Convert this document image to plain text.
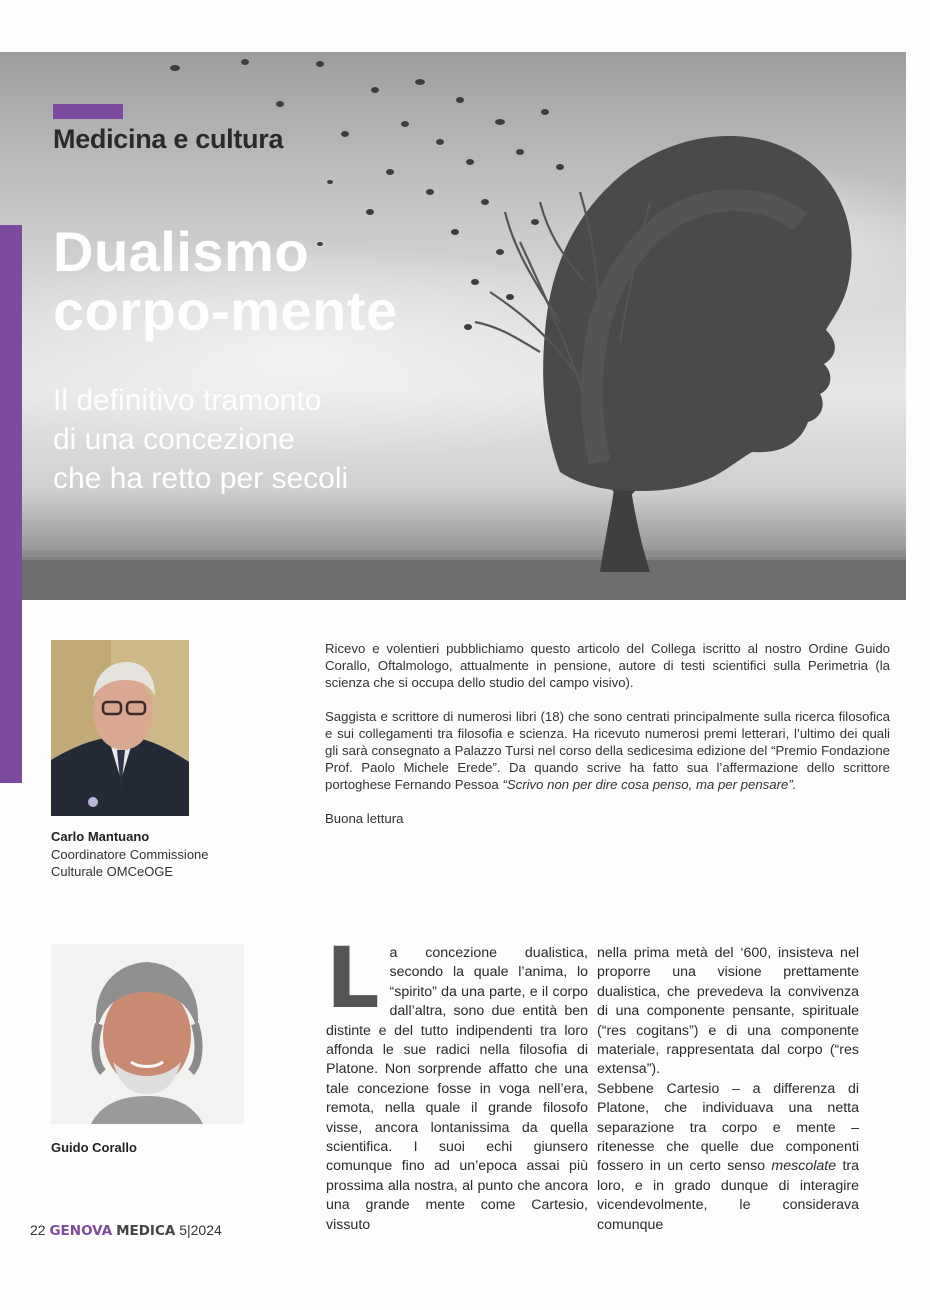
Medicina e cultura
Dualismo
corpo-mente
Il definitivo tramonto
di una concezione
che ha retto per secoli
Carlo Mantuano
Coordinatore Commissione
Culturale OMCeOGE

Ricevo e volentieri pubblichiamo questo articolo del Collega iscritto al nostro Ordine Guido Corallo, Oftalmologo, attualmente in pensione, autore di testi scientifici sulla Perimetria (la scienza che si occupa dello studio del campo visivo).

Saggista e scrittore di numerosi libri (18) che sono centrati principalmente sulla ricerca filosofica e sui collegamenti tra filosofia e scienza. Ha ricevuto numerosi premi letterari, l’ultimo dei quali gli sarà consegnato a Palazzo Tursi nel corso della sedicesima edizione del “Premio Fondazione Prof. Paolo Michele Erede”. Da quando scrive ha fatto sua l’affermazione dello scrittore portoghese Fernando Pessoa “Scrivo non per dire cosa penso, ma per pensare”.

Buona lettura

Guido Corallo
La concezione dualistica, secondo la quale l’anima, lo “spirito” da una parte, e il corpo dall’altra, sono due entità ben distinte e del tutto indipendenti tra loro affonda le sue radici nella filosofia di Platone. Non sorprende affatto che una tale concezione fosse in voga nell’era, remota, nella quale il grande filosofo visse, ancora lontanissima da quella scientifica. I suoi echi giunsero comunque fino ad un’epoca assai più prossima alla nostra, al punto che ancora una grande mente come Cartesio, vissuto
nella prima metà del ‘600, insisteva nel proporre una visione prettamente dualistica, che prevedeva la convivenza di una componente pensante, spirituale (“res cogitans”) e di una componente materiale, rappresentata dal corpo (“res extensa”).
Sebbene Cartesio – a differenza di Platone, che individuava una netta separazione tra corpo e mente – ritenesse che quelle due componenti fossero in un certo senso mescolate tra loro, e in grado dunque di interagire vicendevolmente, le considerava comunque
22 GENOVA MEDICA 5|2024
